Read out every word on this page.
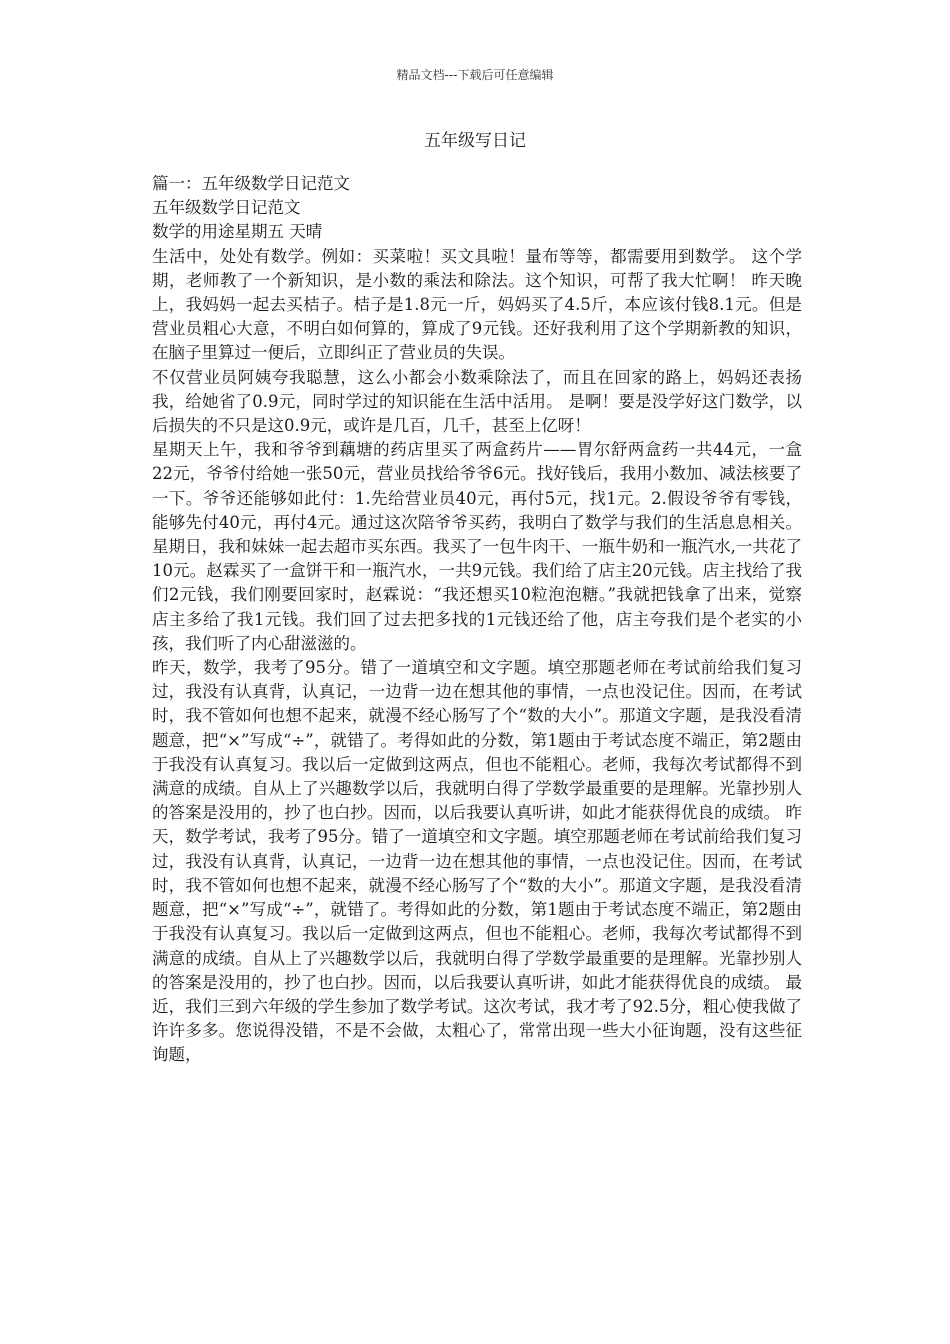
精品文档---下载后可任意编辑
五年级写日记

篇一：五年级数学日记范文

五年级数学日记范文

数学的用途星期五 天晴

生活中，处处有数学。例如：买菜啦！买文具啦！量布等等，都需要用到数学。 这个学期，老师教了一个新知识，是小数的乘法和除法。这个知识，可帮了我大忙啊！ 昨天晚上，我妈妈一起去买桔子。桔子是1.8元一斤，妈妈买了4.5斤，本应该付钱8.1元。但是营业员粗心大意，不明白如何算的，算成了9元钱。还好我利用了这个学期新教的知识，在脑子里算过一便后，立即纠正了营业员的失误。

不仅营业员阿姨夸我聪慧，这么小都会小数乘除法了，而且在回家的路上，妈妈还表扬我，给她省了0.9元，同时学过的知识能在生活中活用。 是啊！要是没学好这门数学，以后损失的不只是这0.9元，或许是几百，几千，甚至上亿呀！

星期天上午，我和爷爷到藕塘的药店里买了两盒药片——胃尔舒两盒药一共44元，一盒22元，爷爷付给她一张50元，营业员找给爷爷6元。找好钱后，我用小数加、减法核要了一下。爷爷还能够如此付：1.先给营业员40元，再付5元，找1元。2.假设爷爷有零钱，能够先付40元，再付4元。通过这次陪爷爷买药，我明白了数学与我们的生活息息相关。 星期日，我和妹妹一起去超市买东西。我买了一包牛肉干、一瓶牛奶和一瓶汽水,一共花了10元。赵霖买了一盒饼干和一瓶汽水，一共9元钱。我们给了店主20元钱。店主找给了我们2元钱，我们刚要回家时，赵霖说：“我还想买10粒泡泡糖。”我就把钱拿了出来，觉察店主多给了我1元钱。我们回了过去把多找的1元钱还给了他，店主夸我们是个老实的小孩，我们听了内心甜滋滋的。

昨天，数学，我考了95分。错了一道填空和文字题。填空那题老师在考试前给我们复习过，我没有认真背，认真记，一边背一边在想其他的事情，一点也没记住。因而，在考试时，我不管如何也想不起来，就漫不经心肠写了个“数的大小”。那道文字题，是我没看清题意，把“×”写成“÷”，就错了。考得如此的分数，第1题由于考试态度不端正，第2题由于我没有认真复习。我以后一定做到这两点，但也不能粗心。老师，我每次考试都得不到满意的成绩。自从上了兴趣数学以后，我就明白得了学数学最重要的是理解。光靠抄别人的答案是没用的，抄了也白抄。因而，以后我要认真听讲，如此才能获得优良的成绩。 昨天，数学考试，我考了95分。错了一道填空和文字题。填空那题老师在考试前给我们复习过，我没有认真背，认真记，一边背一边在想其他的事情，一点也没记住。因而，在考试时，我不管如何也想不起来，就漫不经心肠写了个“数的大小”。那道文字题，是我没看清题意，把“×”写成“÷”，就错了。考得如此的分数，第1题由于考试态度不端正，第2题由于我没有认真复习。我以后一定做到这两点，但也不能粗心。老师，我每次考试都得不到满意的成绩。自从上了兴趣数学以后，我就明白得了学数学最重要的是理解。光靠抄别人的答案是没用的，抄了也白抄。因而，以后我要认真听讲，如此才能获得优良的成绩。 最近，我们三到六年级的学生参加了数学考试。这次考试，我才考了92.5分，粗心使我做了许许多多。您说得没错，不是不会做，太粗心了，常常出现一些大小征询题，没有这些征询题，
